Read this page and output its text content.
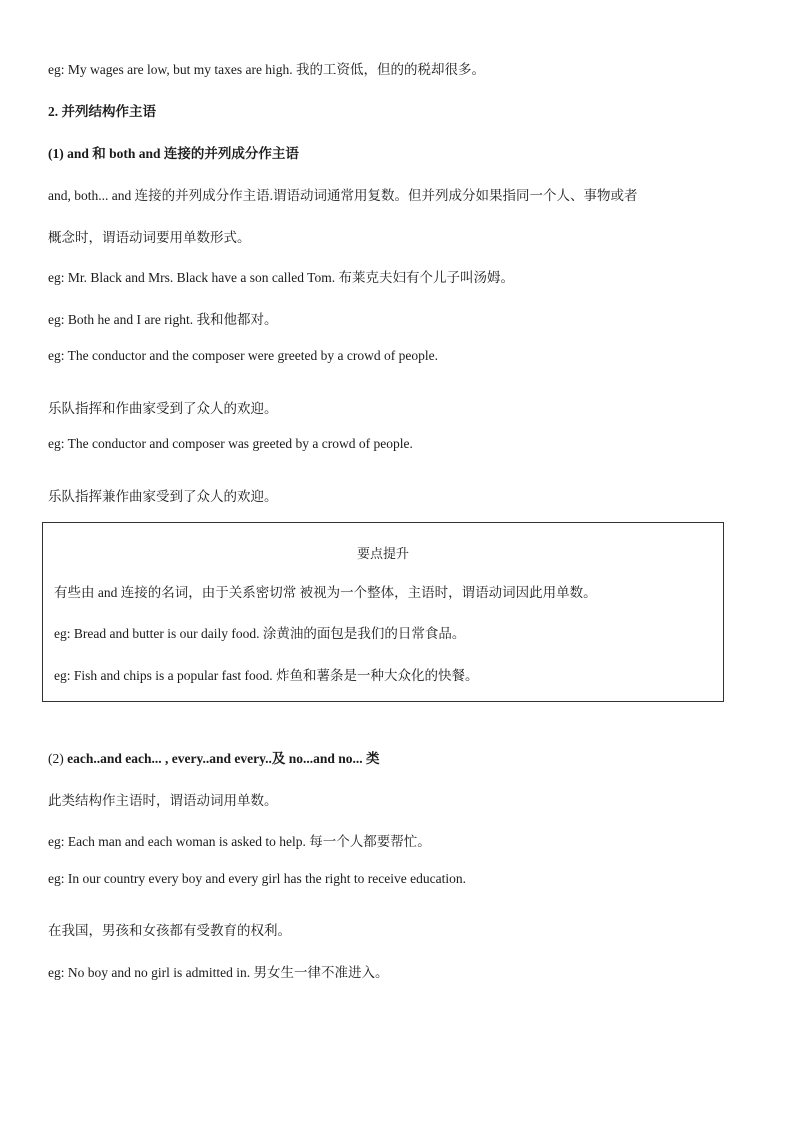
eg: My wages are low, but my taxes are high. 我的工资低，但的的税却很多。
2. 并列结构作主语
(1) and 和 both and 连接的并列成分作主语
and, both... and 连接的并列成分作主语.谓语动词通常用复数。但并列成分如果指同一个人、事物或者
概念时，谓语动词要用单数形式。
eg: Mr. Black and Mrs. Black have a son called Tom. 布莱克夫妇有个儿子叫汤姆。
eg: Both he and I are right. 我和他都对。
eg: The conductor and the composer were greeted by a crowd of people.
乐队指挥和作曲家受到了众人的欢迎。
eg: The conductor and composer was greeted by a crowd of people.
乐队指挥兼作曲家受到了众人的欢迎。
要点提升
有些由 and 连接的名词，由于关系密切常 被视为一个整体，主语时，谓语动词因此用单数。
eg: Bread and butter is our daily food. 涂黄油的面包是我们的日常食品。
eg: Fish and chips is a popular fast food. 炸鱼和薯条是一种大众化的快餐。
(2) each..and each... , every..and every..及 no...and no... 类
此类结构作主语时，谓语动词用单数。
eg: Each man and each woman is asked to help. 每一个人都要帮忙。
eg: In our country every boy and every girl has the right to receive education.
在我国，男孩和女孩都有受教育的权利。
eg: No boy and no girl is admitted in. 男女生一律不准进入。
